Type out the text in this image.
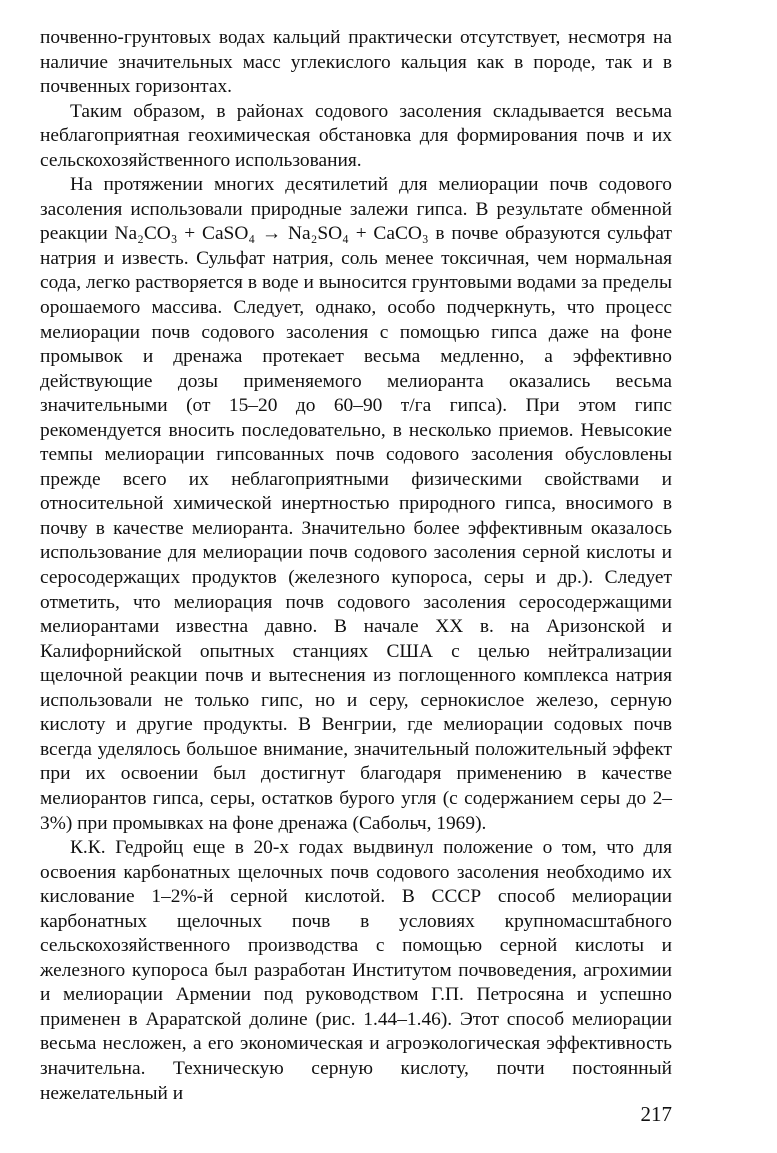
почвенно-грунтовых водах кальций практически отсутствует, несмотря на наличие значительных масс углекислого кальция как в породе, так и в почвенных горизонтах.

Таким образом, в районах содового засоления складывается весьма неблагоприятная геохимическая обстановка для формирования почв и их сельскохозяйственного использования.

На протяжении многих десятилетий для мелиорации почв содового засоления использовали природные залежи гипса. В результате обменной реакции Na₂CO₃ + CaSO₄ → Na₂SO₄ + CaCO₃ в почве образуются сульфат натрия и известь. Сульфат натрия, соль менее токсичная, чем нормальная сода, легко растворяется в воде и выносится грунтовыми водами за пределы орошаемого массива. Следует, однако, особо подчеркнуть, что процесс мелиорации почв содового засоления с помощью гипса даже на фоне промывок и дренажа протекает весьма медленно, а эффективно действующие дозы применяемого мелиоранта оказались весьма значительными (от 15–20 до 60–90 т/га гипса). При этом гипс рекомендуется вносить последовательно, в несколько приемов. Невысокие темпы мелиорации гипсованных почв содового засоления обусловлены прежде всего их неблагоприятными физическими свойствами и относительной химической инертностью природного гипса, вносимого в почву в качестве мелиоранта. Значительно более эффективным оказалось использование для мелиорации почв содового засоления серной кислоты и серосодержащих продуктов (железного купороса, серы и др.). Следует отметить, что мелиорация почв содового засоления серосодержащими мелиорантами известна давно. В начале XX в. на Аризонской и Калифорнийской опытных станциях США с целью нейтрализации щелочной реакции почв и вытеснения из поглощенного комплекса натрия использовали не только гипс, но и серу, сернокислое железо, серную кислоту и другие продукты. В Венгрии, где мелиорации содовых почв всегда уделялось большое внимание, значительный положительный эффект при их освоении был достигнут благодаря применению в качестве мелиорантов гипса, серы, остатков бурого угля (с содержанием серы до 2–3%) при промывках на фоне дренажа (Сабольч, 1969).

К.К. Гедройц еще в 20-х годах выдвинул положение о том, что для освоения карбонатных щелочных почв содового засоления необходимо их кислование 1–2%-й серной кислотой. В СССР способ мелиорации карбонатных щелочных почв в условиях крупномасштабного сельскохозяйственного производства с помощью серной кислоты и железного купороса был разработан Институтом почвоведения, агрохимии и мелиорации Армении под руководством Г.П. Петросяна и успешно применен в Араратской долине (рис. 1.44–1.46). Этот способ мелиорации весьма несложен, а его экономическая и агроэкологическая эффективность значительна. Техническую серную кислоту, почти постоянный нежелательный и

217
